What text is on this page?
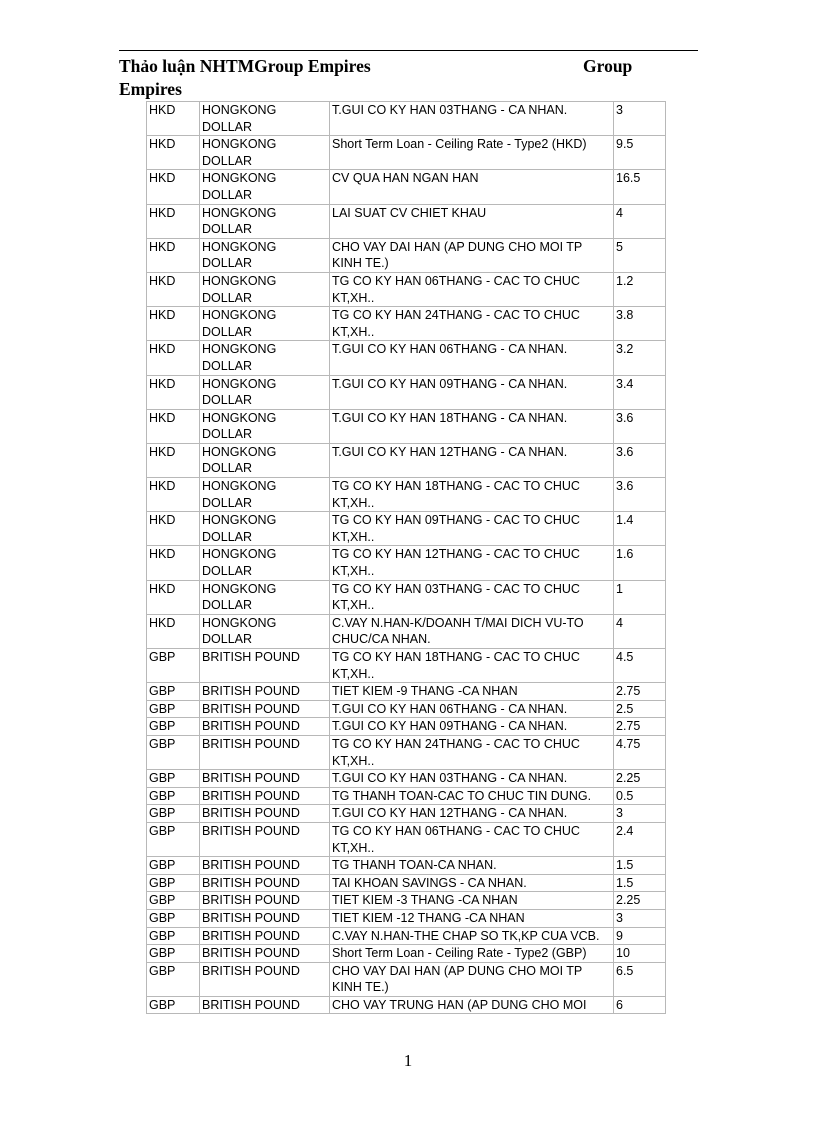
Thảo luận NHTMGroup Empires	Group
Empires
HKD	HONGKONG DOLLAR	T.GUI CO KY HAN 03THANG - CA NHAN.	3
HKD	HONGKONG DOLLAR	Short Term Loan - Ceiling Rate - Type2 (HKD)	9.5
HKD	HONGKONG DOLLAR	CV QUA HAN NGAN HAN	16.5
HKD	HONGKONG DOLLAR	LAI SUAT CV CHIET KHAU	4
HKD	HONGKONG DOLLAR	CHO VAY DAI HAN (AP DUNG CHO MOI TP KINH TE.)	5
HKD	HONGKONG DOLLAR	TG CO KY HAN 06THANG - CAC TO CHUC KT,XH..	1.2
HKD	HONGKONG DOLLAR	TG CO KY HAN 24THANG - CAC TO CHUC KT,XH..	3.8
HKD	HONGKONG DOLLAR	T.GUI CO KY HAN 06THANG - CA NHAN.	3.2
HKD	HONGKONG DOLLAR	T.GUI CO KY HAN 09THANG - CA NHAN.	3.4
HKD	HONGKONG DOLLAR	T.GUI CO KY HAN 18THANG - CA NHAN.	3.6
HKD	HONGKONG DOLLAR	T.GUI CO KY HAN 12THANG - CA NHAN.	3.6
HKD	HONGKONG DOLLAR	TG CO KY HAN 18THANG - CAC TO CHUC KT,XH..	3.6
HKD	HONGKONG DOLLAR	TG CO KY HAN 09THANG - CAC TO CHUC KT,XH..	1.4
HKD	HONGKONG DOLLAR	TG CO KY HAN 12THANG - CAC TO CHUC KT,XH..	1.6
HKD	HONGKONG DOLLAR	TG CO KY HAN 03THANG - CAC TO CHUC KT,XH..	1
HKD	HONGKONG DOLLAR	C.VAY N.HAN-K/DOANH T/MAI DICH VU-TO CHUC/CA NHAN.	4
GBP	BRITISH POUND	TG CO KY HAN 18THANG - CAC TO CHUC KT,XH..	4.5
GBP	BRITISH POUND	TIET KIEM -9 THANG -CA NHAN	2.75
GBP	BRITISH POUND	T.GUI CO KY HAN 06THANG - CA NHAN.	2.5
GBP	BRITISH POUND	T.GUI CO KY HAN 09THANG - CA NHAN.	2.75
GBP	BRITISH POUND	TG CO KY HAN 24THANG - CAC TO CHUC KT,XH..	4.75
GBP	BRITISH POUND	T.GUI CO KY HAN 03THANG - CA NHAN.	2.25
GBP	BRITISH POUND	TG THANH TOAN-CAC TO CHUC TIN DUNG.	0.5
GBP	BRITISH POUND	T.GUI CO KY HAN 12THANG - CA NHAN.	3
GBP	BRITISH POUND	TG CO KY HAN 06THANG - CAC TO CHUC KT,XH..	2.4
GBP	BRITISH POUND	TG THANH TOAN-CA NHAN.	1.5
GBP	BRITISH POUND	TAI KHOAN SAVINGS - CA NHAN.	1.5
GBP	BRITISH POUND	TIET KIEM -3 THANG -CA NHAN	2.25
GBP	BRITISH POUND	TIET KIEM -12 THANG -CA NHAN	3
GBP	BRITISH POUND	C.VAY N.HAN-THE CHAP SO TK,KP CUA VCB.	9
GBP	BRITISH POUND	Short Term Loan - Ceiling Rate - Type2 (GBP)	10
GBP	BRITISH POUND	CHO VAY DAI HAN (AP DUNG CHO MOI TP KINH TE.)	6.5
GBP	BRITISH POUND	CHO VAY TRUNG HAN (AP DUNG CHO MOI	6
1
